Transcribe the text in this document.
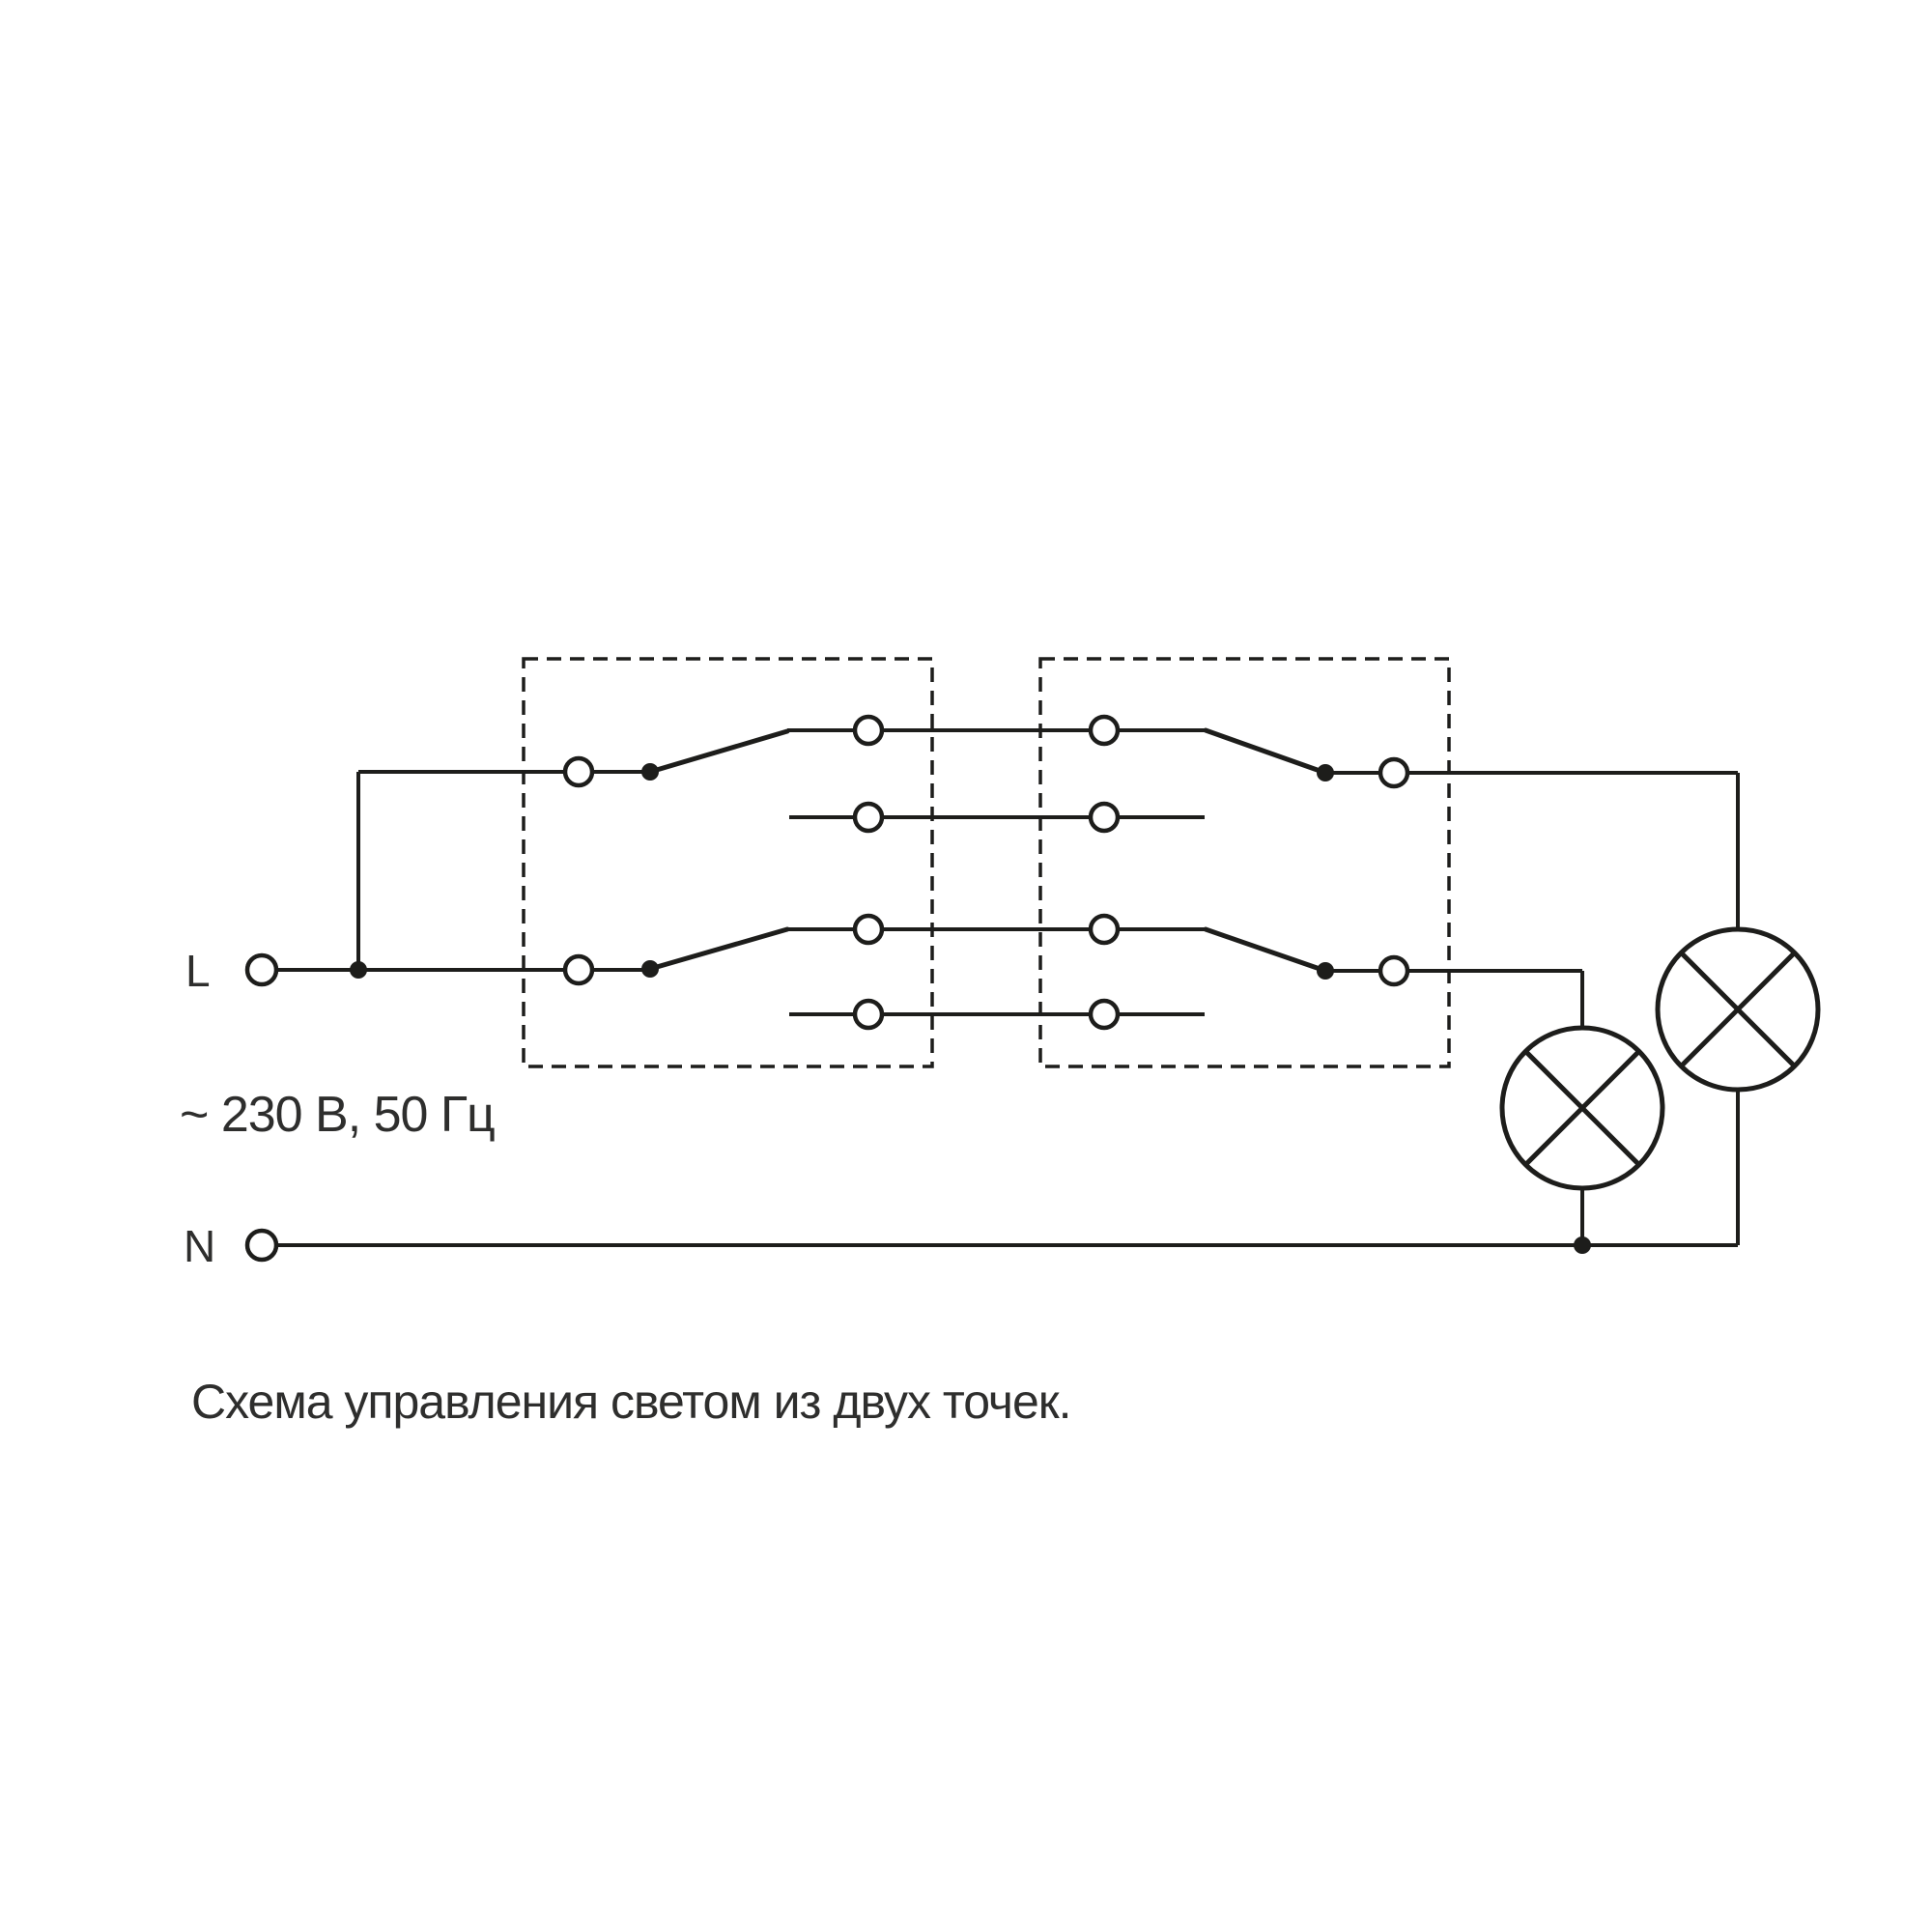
L
N
~ 230 В, 50 Гц
Схема управления светом из двух точек.
